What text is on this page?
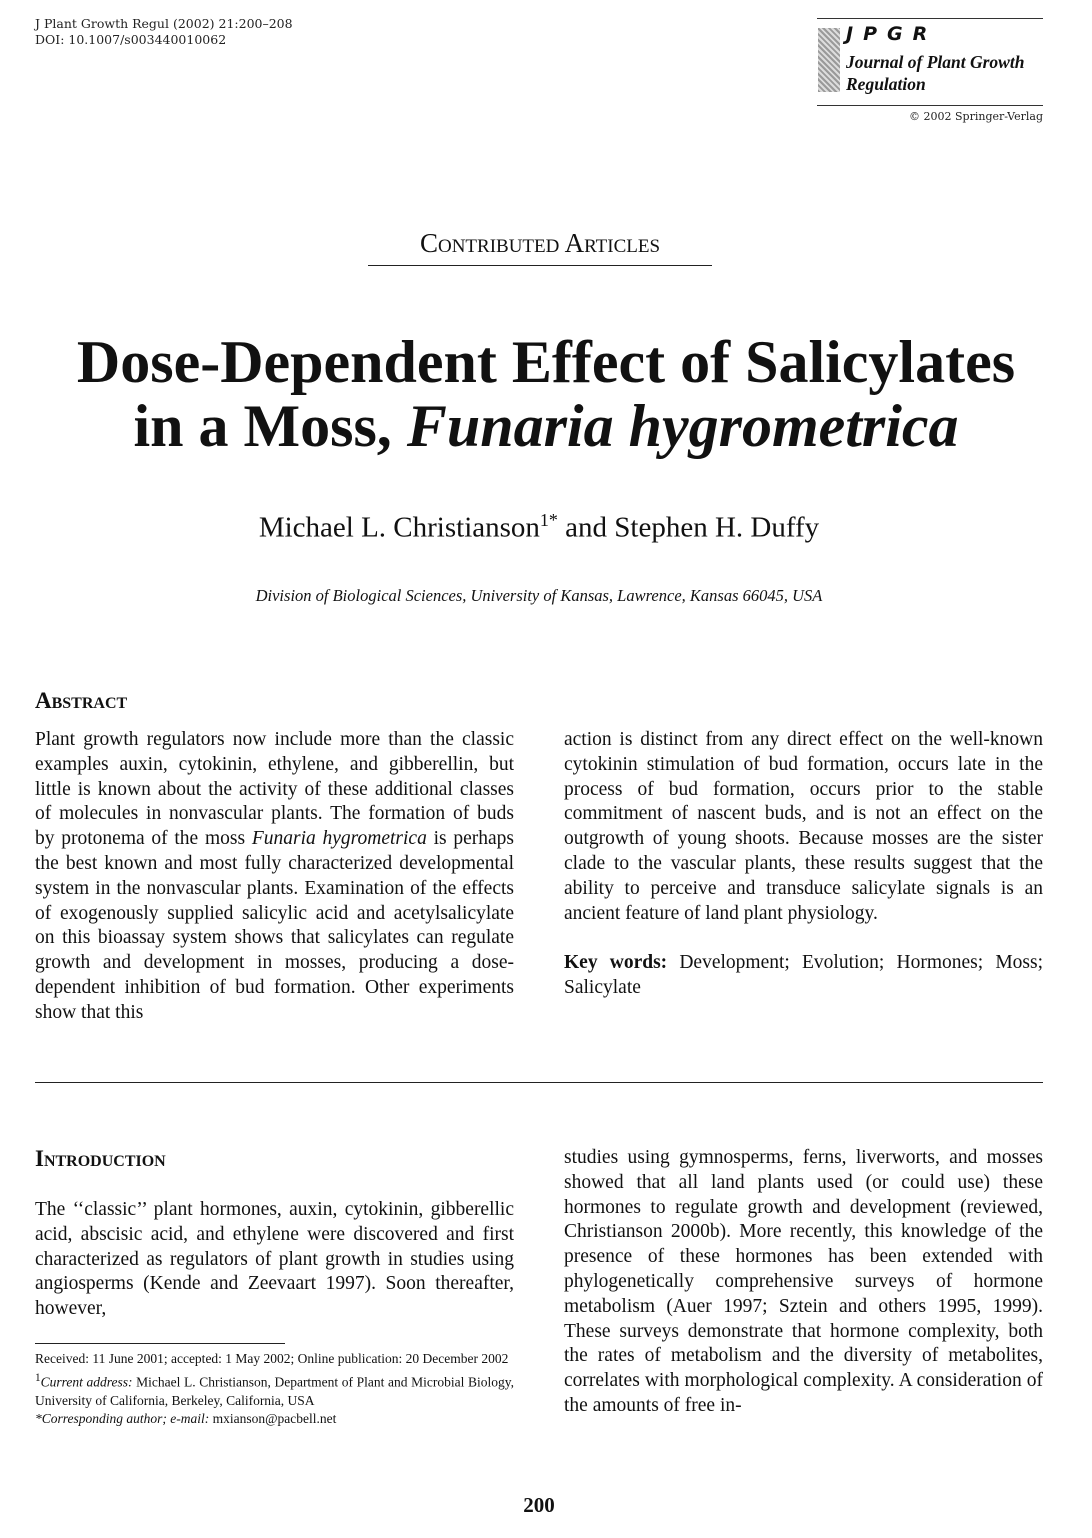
J Plant Growth Regul (2002) 21:200–208
DOI: 10.1007/s003440010062	JPGR
Journal of Plant Growth Regulation
© 2002 Springer-Verlag
Contributed Articles
Dose-Dependent Effect of Salicylates
in a Moss, Funaria hygrometrica
Michael L. Christianson$^{1*}$ and Stephen H. Duffy
Division of Biological Sciences, University of Kansas, Lawrence, Kansas 66045, USA
Abstract

Plant growth regulators now include more than the classic examples auxin, cytokinin, ethylene, and gibberellin, but little is known about the activity of these additional classes of molecules in nonvascular plants. The formation of buds by protonema of the moss Funaria hygrometrica is perhaps the best known and most fully characterized developmental system in the nonvascular plants. Examination of the effects of exogenously supplied salicylic acid and acetylsalicylate on this bioassay system shows that salicylates can regulate growth and development in mosses, producing a dose-dependent inhibition of bud formation. Other experiments show that this

action is distinct from any direct effect on the well-known cytokinin stimulation of bud formation, occurs late in the process of bud formation, occurs prior to the stable commitment of nascent buds, and is not an effect on the outgrowth of young shoots. Because mosses are the sister clade to the vascular plants, these results suggest that the ability to perceive and transduce salicylate signals is an ancient feature of land plant physiology.

Key words: Development; Evolution; Hormones; Moss; Salicylate

Introduction

The ‘‘classic’’ plant hormones, auxin, cytokinin, gibberellic acid, abscisic acid, and ethylene were discovered and first characterized as regulators of plant growth in studies using angiosperms (Kende and Zeevaart 1997). Soon thereafter, however,

studies using gymnosperms, ferns, liverworts, and mosses showed that all land plants used (or could use) these hormones to regulate growth and development (reviewed, Christianson 2000b). More recently, this knowledge of the presence of these hormones has been extended with phylogenetically comprehensive surveys of hormone metabolism (Auer 1997; Sztein and others 1995, 1999). These surveys demonstrate that hormone complexity, both the rates of metabolism and the diversity of metabolites, correlates with morphological complexity. A consideration of the amounts of free in-

Received: 11 June 2001; accepted: 1 May 2002; Online publication: 20 December 2002

$^1$Current address: Michael L. Christianson, Department of Plant and Microbial Biology, University of California, Berkeley, California, USA

*Corresponding author; e-mail: mxianson@pacbell.net

200
